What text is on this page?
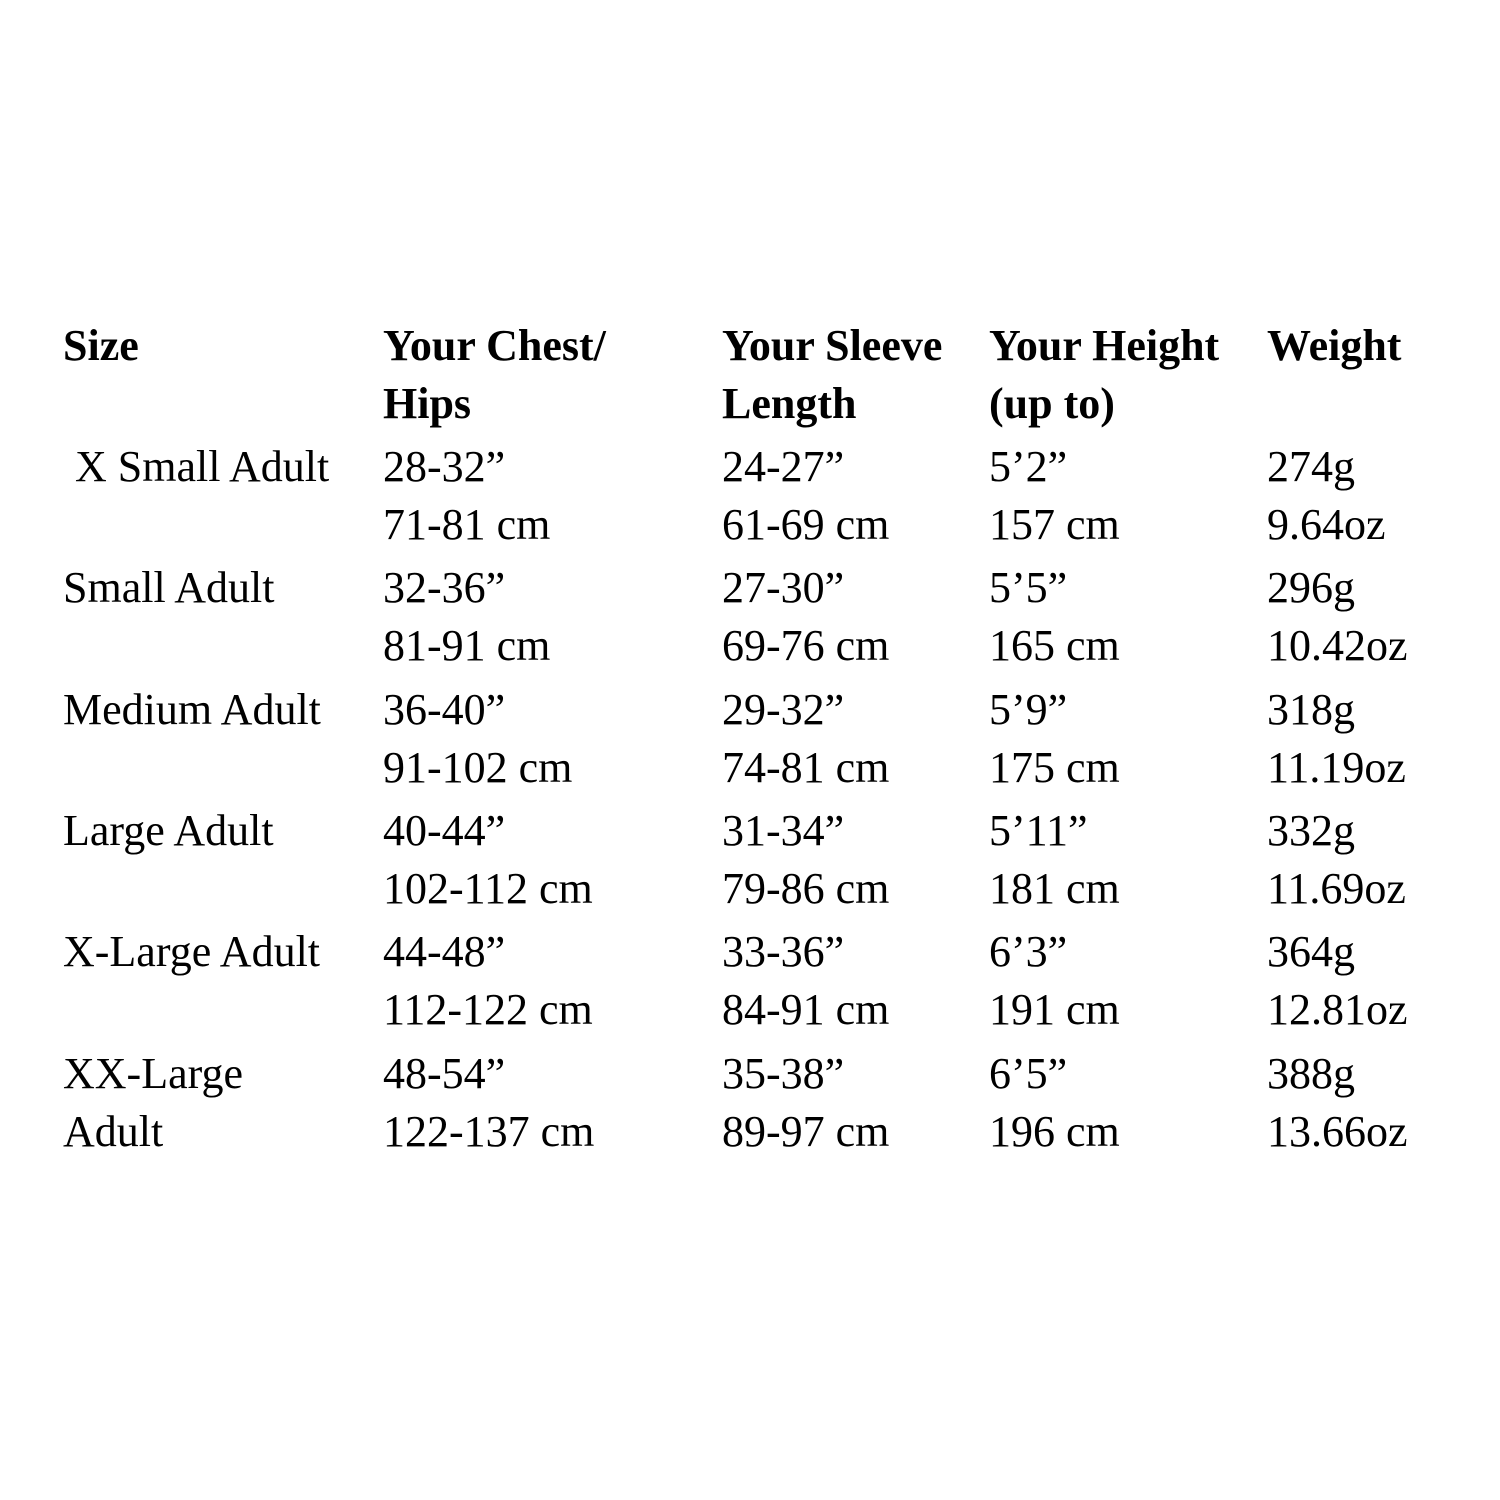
Size	Your Chest/
Hips
Your Sleeve
Length
Your Height
(up to)
Weight
X Small Adult 28-32”
71-81 cm
24-27”
61-69 cm
5’2”
157 cm
274g
9.64oz
Small Adult 32-36”
81-91 cm
27-30”
69-76 cm
5’5”
165 cm
296g
10.42oz
Medium Adult 36-40”
91-102 cm
29-32”
74-81 cm
5’9”
175 cm
318g
11.19oz
Large Adult 40-44”
102-112 cm
31-34”
79-86 cm
5’11”
181 cm
332g
11.69oz
X-Large Adult 44-48”
112-122 cm
33-36”
84-91 cm
6’3”
191 cm
364g
12.81oz
XX-Large
Adult
48-54”
122-137 cm
35-38”
89-97 cm
6’5”
196 cm
388g
13.66oz
